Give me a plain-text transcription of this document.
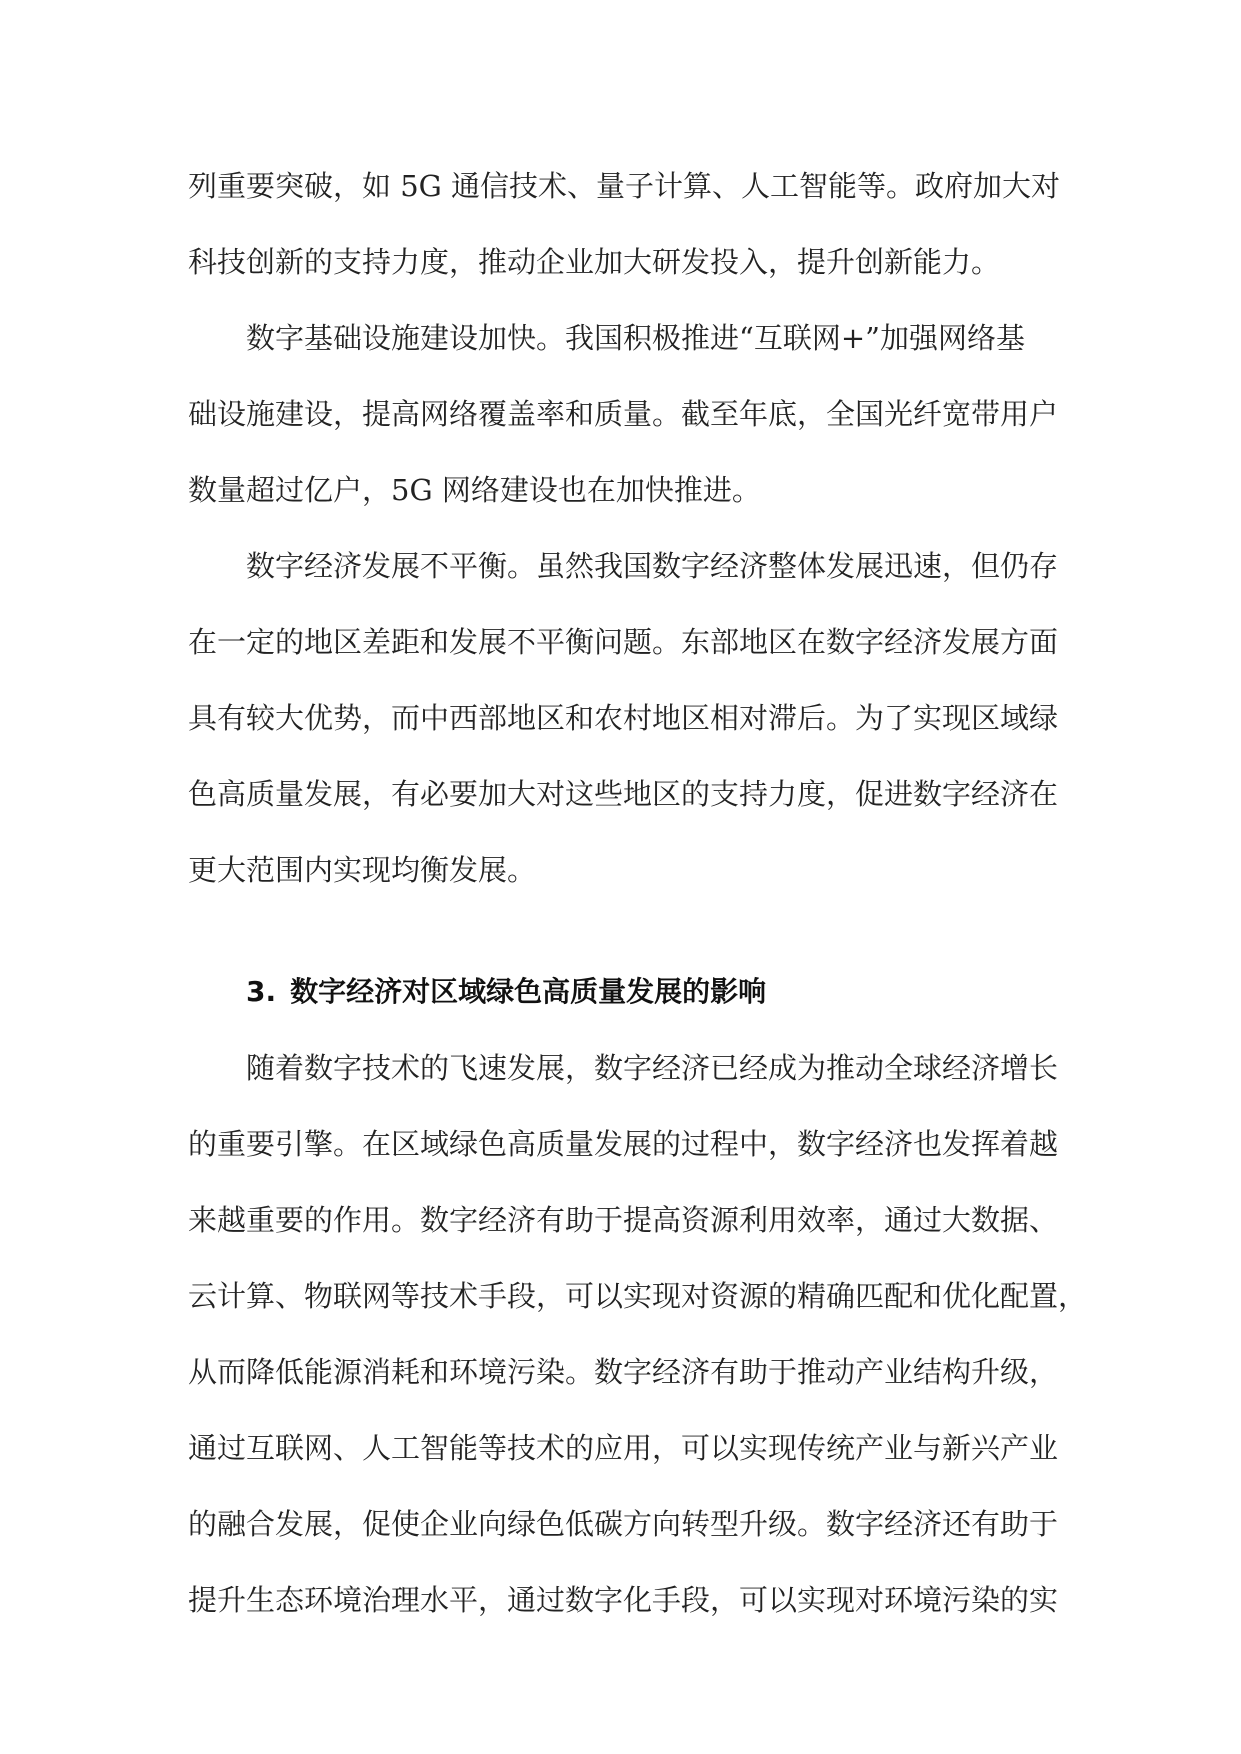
列重要突破，如 5G 通信技术、量子计算、人工智能等。政府加大对
科技创新的支持力度，推动企业加大研发投入，提升创新能力。
数字基础设施建设加快。我国积极推进“互联网+”加强网络基
础设施建设，提高网络覆盖率和质量。截至年底，全国光纤宽带用户
数量超过亿户，5G 网络建设也在加快推进。
数字经济发展不平衡。虽然我国数字经济整体发展迅速，但仍存
在一定的地区差距和发展不平衡问题。东部地区在数字经济发展方面
具有较大优势，而中西部地区和农村地区相对滞后。为了实现区域绿
色高质量发展，有必要加大对这些地区的支持力度，促进数字经济在
更大范围内实现均衡发展。
3. 数字经济对区域绿色高质量发展的影响
随着数字技术的飞速发展，数字经济已经成为推动全球经济增长
的重要引擎。在区域绿色高质量发展的过程中，数字经济也发挥着越
来越重要的作用。数字经济有助于提高资源利用效率，通过大数据、
云计算、物联网等技术手段，可以实现对资源的精确匹配和优化配置，
从而降低能源消耗和环境污染。数字经济有助于推动产业结构升级，
通过互联网、人工智能等技术的应用，可以实现传统产业与新兴产业
的融合发展，促使企业向绿色低碳方向转型升级。数字经济还有助于
提升生态环境治理水平，通过数字化手段，可以实现对环境污染的实
